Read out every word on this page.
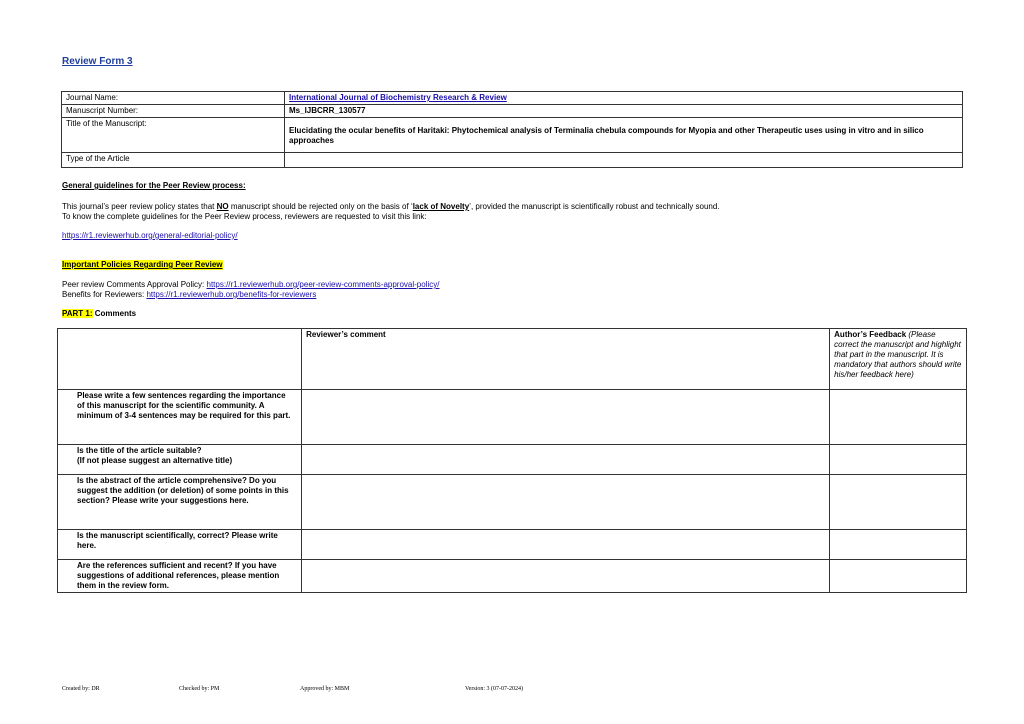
Review Form 3
Journal Name:	International Journal of Biochemistry Research & Review
Manuscript Number:	Ms_IJBCRR_130577
Title of the Manuscript:	Elucidating the ocular benefits of Haritaki: Phytochemical analysis of Terminalia chebula compounds for Myopia and other Therapeutic uses using in vitro and in silico approaches
Type of the Article	
General guidelines for the Peer Review process:
This journal’s peer review policy states that NO manuscript should be rejected only on the basis of ‘lack of Novelty’, provided the manuscript is scientifically robust and technically sound.
To know the complete guidelines for the Peer Review process, reviewers are requested to visit this link:
https://r1.reviewerhub.org/general-editorial-policy/
Important Policies Regarding Peer Review
Peer review Comments Approval Policy: https://r1.reviewerhub.org/peer-review-comments-approval-policy/
Benefits for Reviewers: https://r1.reviewerhub.org/benefits-for-reviewers
PART 1: Comments
	Reviewer’s comment	Author’s Feedback (Please correct the manuscript and highlight that part in the manuscript. It is mandatory that authors should write his/her feedback here)
Please write a few sentences regarding the importance of this manuscript for the scientific community. A minimum of 3-4 sentences may be required for this part.		
Is the title of the article suitable?
(If not please suggest an alternative title)		
Is the abstract of the article comprehensive? Do you suggest the addition (or deletion) of some points in this section? Please write your suggestions here.		
Is the manuscript scientifically, correct? Please write here.		
Are the references sufficient and recent? If you have suggestions of additional references, please mention them in the review form.		
Created by: DR	Checked by: PM	Approved by: MBM	Version: 3 (07-07-2024)
